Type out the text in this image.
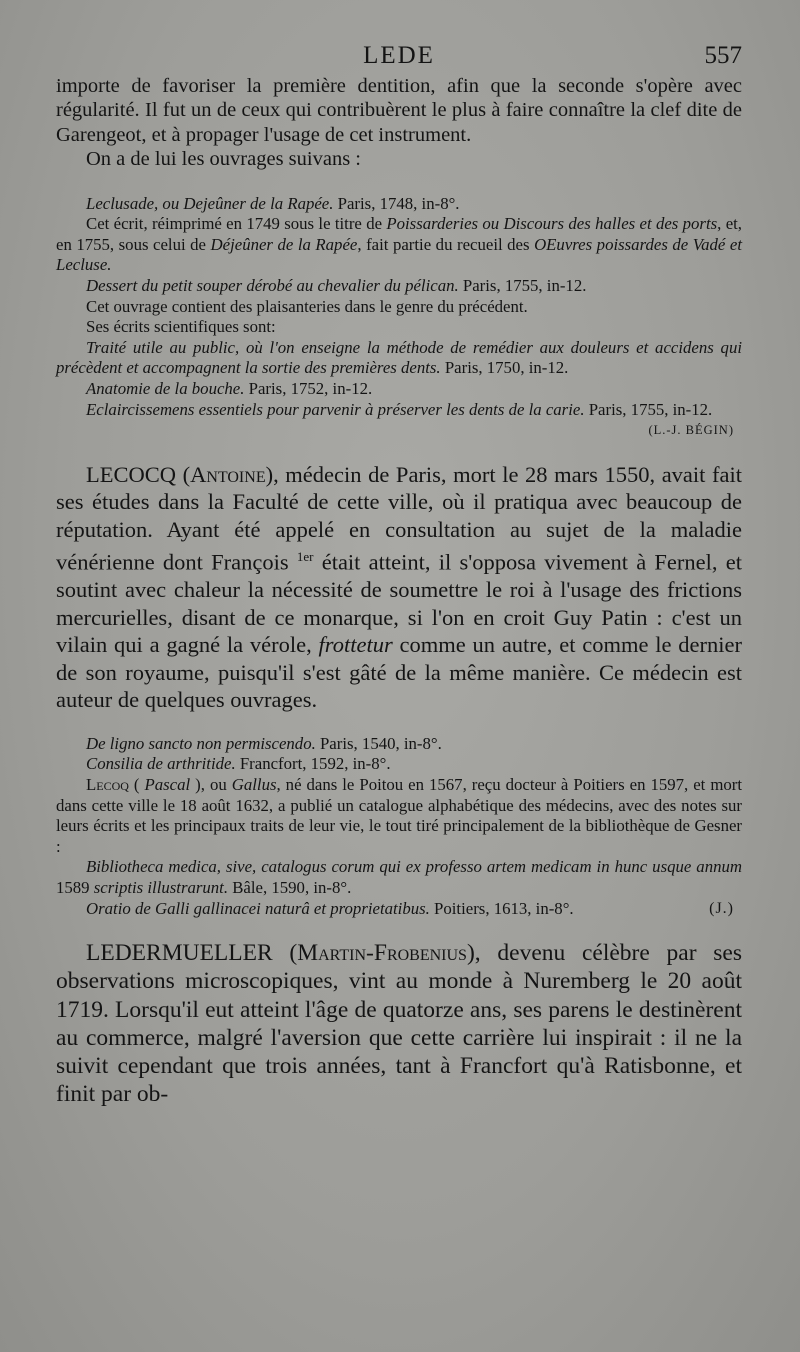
LEDE	557

importe de favoriser la première dentition, afin que la seconde s'opère avec régularité. Il fut un de ceux qui contribuèrent le plus à faire connaître la clef dite de Garengeot, et à propager l'usage de cet instrument.

On a de lui les ouvrages suivans :

Leclusade, ou Dejeûner de la Rapée. Paris, 1748, in-8°.

Cet écrit, réimprimé en 1749 sous le titre de Poissarderies ou Discours des halles et des ports, et, en 1755, sous celui de Déjeûner de la Rapée, fait partie du recueil des OEuvres poissardes de Vadé et Lecluse.

Dessert du petit souper dérobé au chevalier du pélican. Paris, 1755, in-12.

Cet ouvrage contient des plaisanteries dans le genre du précédent.

Ses écrits scientifiques sont:

Traité utile au public, où l'on enseigne la méthode de remédier aux douleurs et accidens qui précèdent et accompagnent la sortie des premières dents. Paris, 1750, in-12.

Anatomie de la bouche. Paris, 1752, in-12.

Eclaircissemens essentiels pour parvenir à préserver les dents de la carie. Paris, 1755, in-12.
(L.-J. BÉGIN)

LECOCQ (Antoine), médecin de Paris, mort le 28 mars 1550, avait fait ses études dans la Faculté de cette ville, où il pratiqua avec beaucoup de réputation. Ayant été appelé en consultation au sujet de la maladie vénérienne dont François $^{1er}$ était atteint, il s'opposa vivement à Fernel, et soutint avec chaleur la nécessité de soumettre le roi à l'usage des frictions mercurielles, disant de ce monarque, si l'on en croit Guy Patin : c'est un vilain qui a gagné la vérole, frottetur comme un autre, et comme le dernier de son royaume, puisqu'il s'est gâté de la même manière. Ce médecin est auteur de quelques ouvrages.

De ligno sancto non permiscendo. Paris, 1540, in-8°.

Consilia de arthritide. Francfort, 1592, in-8°.

Lecoq ( Pascal ), ou Gallus, né dans le Poitou en 1567, reçu docteur à Poitiers en 1597, et mort dans cette ville le 18 août 1632, a publié un catalogue alphabétique des médecins, avec des notes sur leurs écrits et les principaux traits de leur vie, le tout tiré principalement de la bibliothèque de Gesner :

Bibliotheca medica, sive, catalogus corum qui ex professo artem medicam in hunc usque annum 1589 scriptis illustrarunt. Bâle, 1590, in-8°.

Oratio de Galli gallinacei naturâ et proprietatibus. Poitiers, 1613, in-8°.	(J.)

LEDERMUELLER (Martin-Frobenius), devenu célèbre par ses observations microscopiques, vint au monde à Nuremberg le 20 août 1719. Lorsqu'il eut atteint l'âge de quatorze ans, ses parens le destinèrent au commerce, malgré l'aversion que cette carrière lui inspirait : il ne la suivit cependant que trois années, tant à Francfort qu'à Ratisbonne, et finit par ob-
